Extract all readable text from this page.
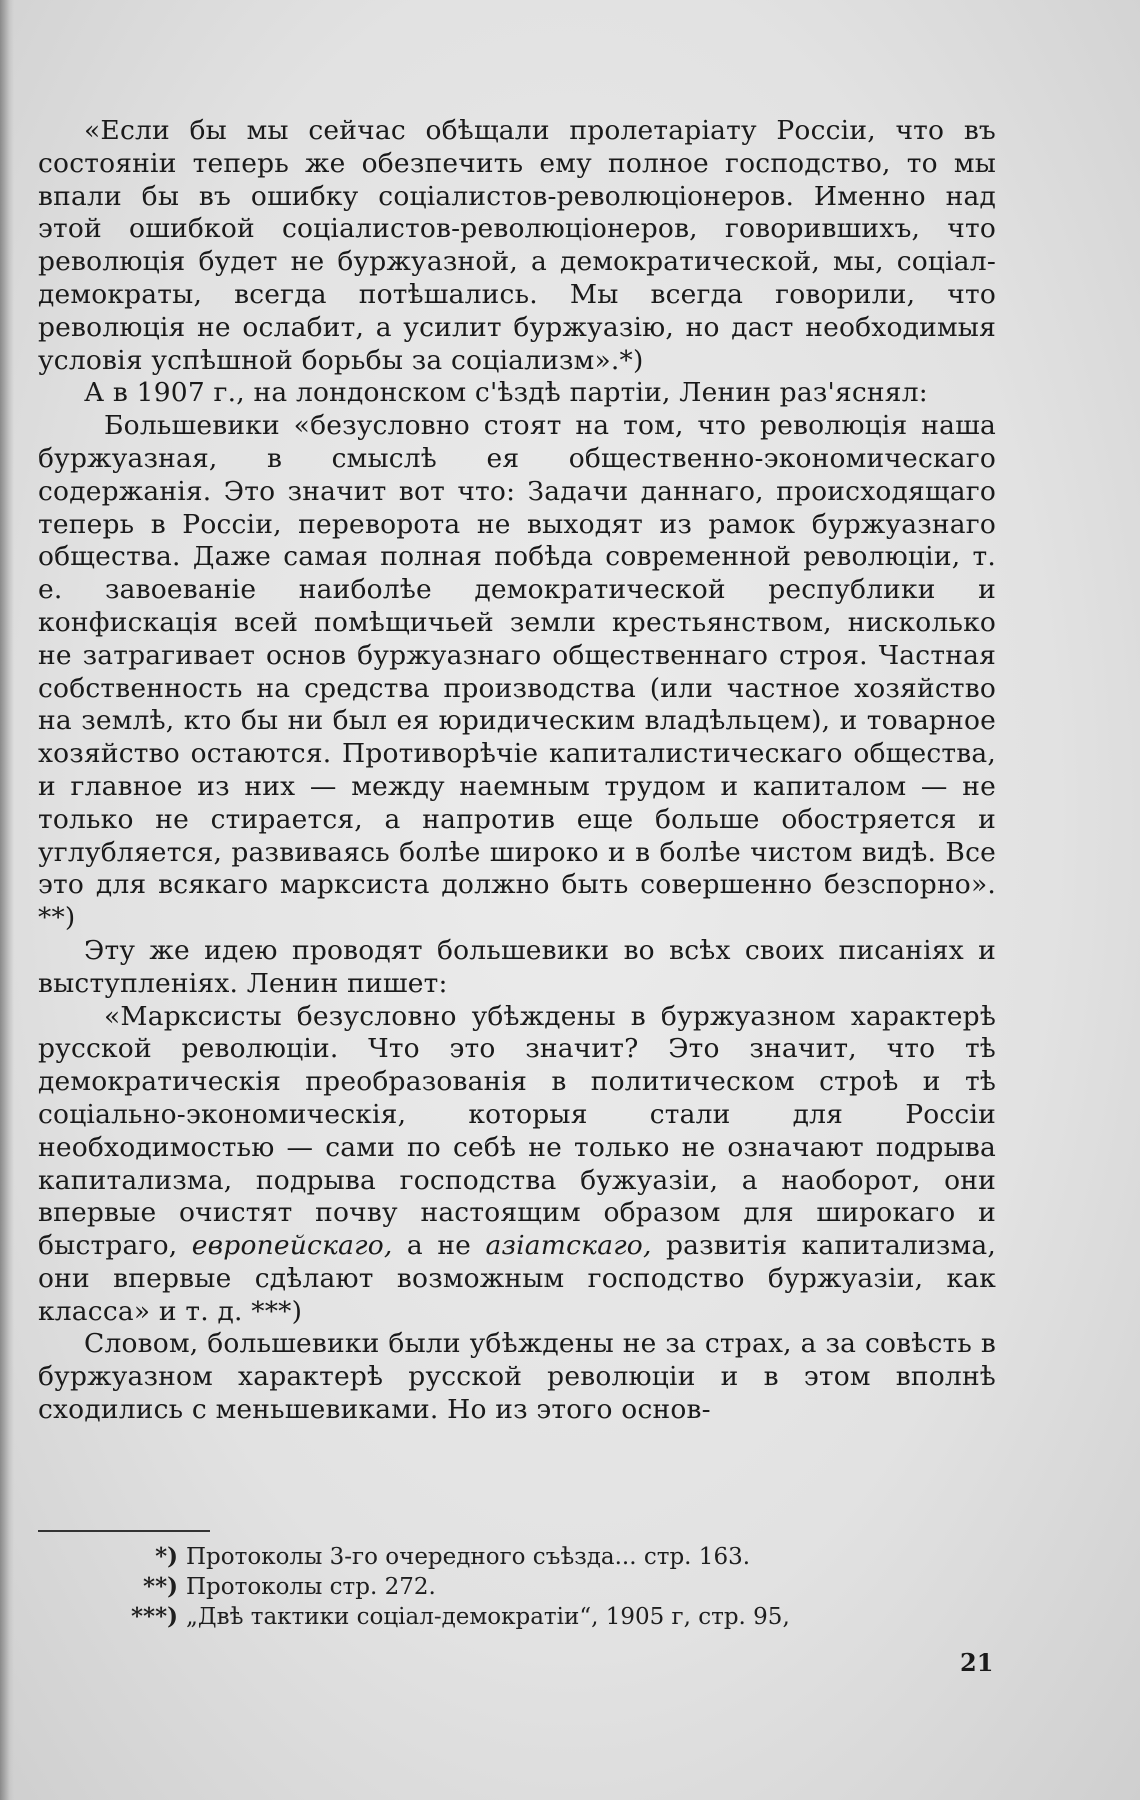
«Если бы мы сейчас обѣщали пролетаріату Россіи, что въ состояніи теперь же обезпечить ему полное господство, то мы впали бы въ ошибку соціалистов-революціонеров. Именно над этой ошибкой соціалистов-революціонеров, говорившихъ, что революція будет не буржуазной, а демократической, мы, соціал-демократы, всегда потѣшались. Мы всегда говорили, что революція не ослабит, а усилит буржуазію, но даст необходимыя условія успѣшной борьбы за соціализм».*)

А в 1907 г., на лондонском с'ѣздѣ партіи, Ленин раз'яснял:

Большевики «безусловно стоят на том, что революція наша буржуазная, в смыслѣ ея общественно-экономическаго содержанія. Это значит вот что: Задачи даннаго, происходящаго теперь в Россіи, переворота не выходят из рамок буржуазнаго общества. Даже самая полная побѣда современной революціи, т. е. завоеваніе наиболѣе демократической республики и конфискація всей помѣщичьей земли крестьянством, нисколько не затрагивает основ буржуазнаго общественнаго строя. Частная собственность на средства производства (или частное хозяйство на землѣ, кто бы ни был ея юридическим владѣльцем), и товарное хозяйство остаются. Противорѣчіе капиталистическаго общества, и главное из них — между наемным трудом и капиталом — не только не стирается, а напротив еще больше обостряется и углубляется, развиваясь болѣе широко и в болѣе чистом видѣ. Все это для всякаго марксиста должно быть совершенно безспорно». **)

Эту же идею проводят большевики во всѣх своих писаніях и выступленіях. Ленин пишет:

«Марксисты безусловно убѣждены в буржуазном характерѣ русской революціи. Что это значит? Это значит, что тѣ демократическія преобразованія в политическом строѣ и тѣ соціально-экономическія, которыя стали для Россіи необходимостью — сами по себѣ не только не означают подрыва капитализма, подрыва господства бужуазіи, а наоборот, они впервые очистят почву настоящим образом для широкаго и быстраго, европейскаго, а не азіатскаго, развитія капитализма, они впервые сдѣлают возможным господство буржуазіи, как класса» и т. д. ***)

Словом, большевики были убѣждены не за страх, а за совѣсть в буржуазном характерѣ русской революціи и в этом вполнѣ сходились с меньшевиками. Но из этого основ-

*) Протоколы 3-го очередного съѣзда... стр. 163.
**) Протоколы стр. 272.
***) „Двѣ тактики соціал-демократіи“, 1905 г, стр. 95,
21
